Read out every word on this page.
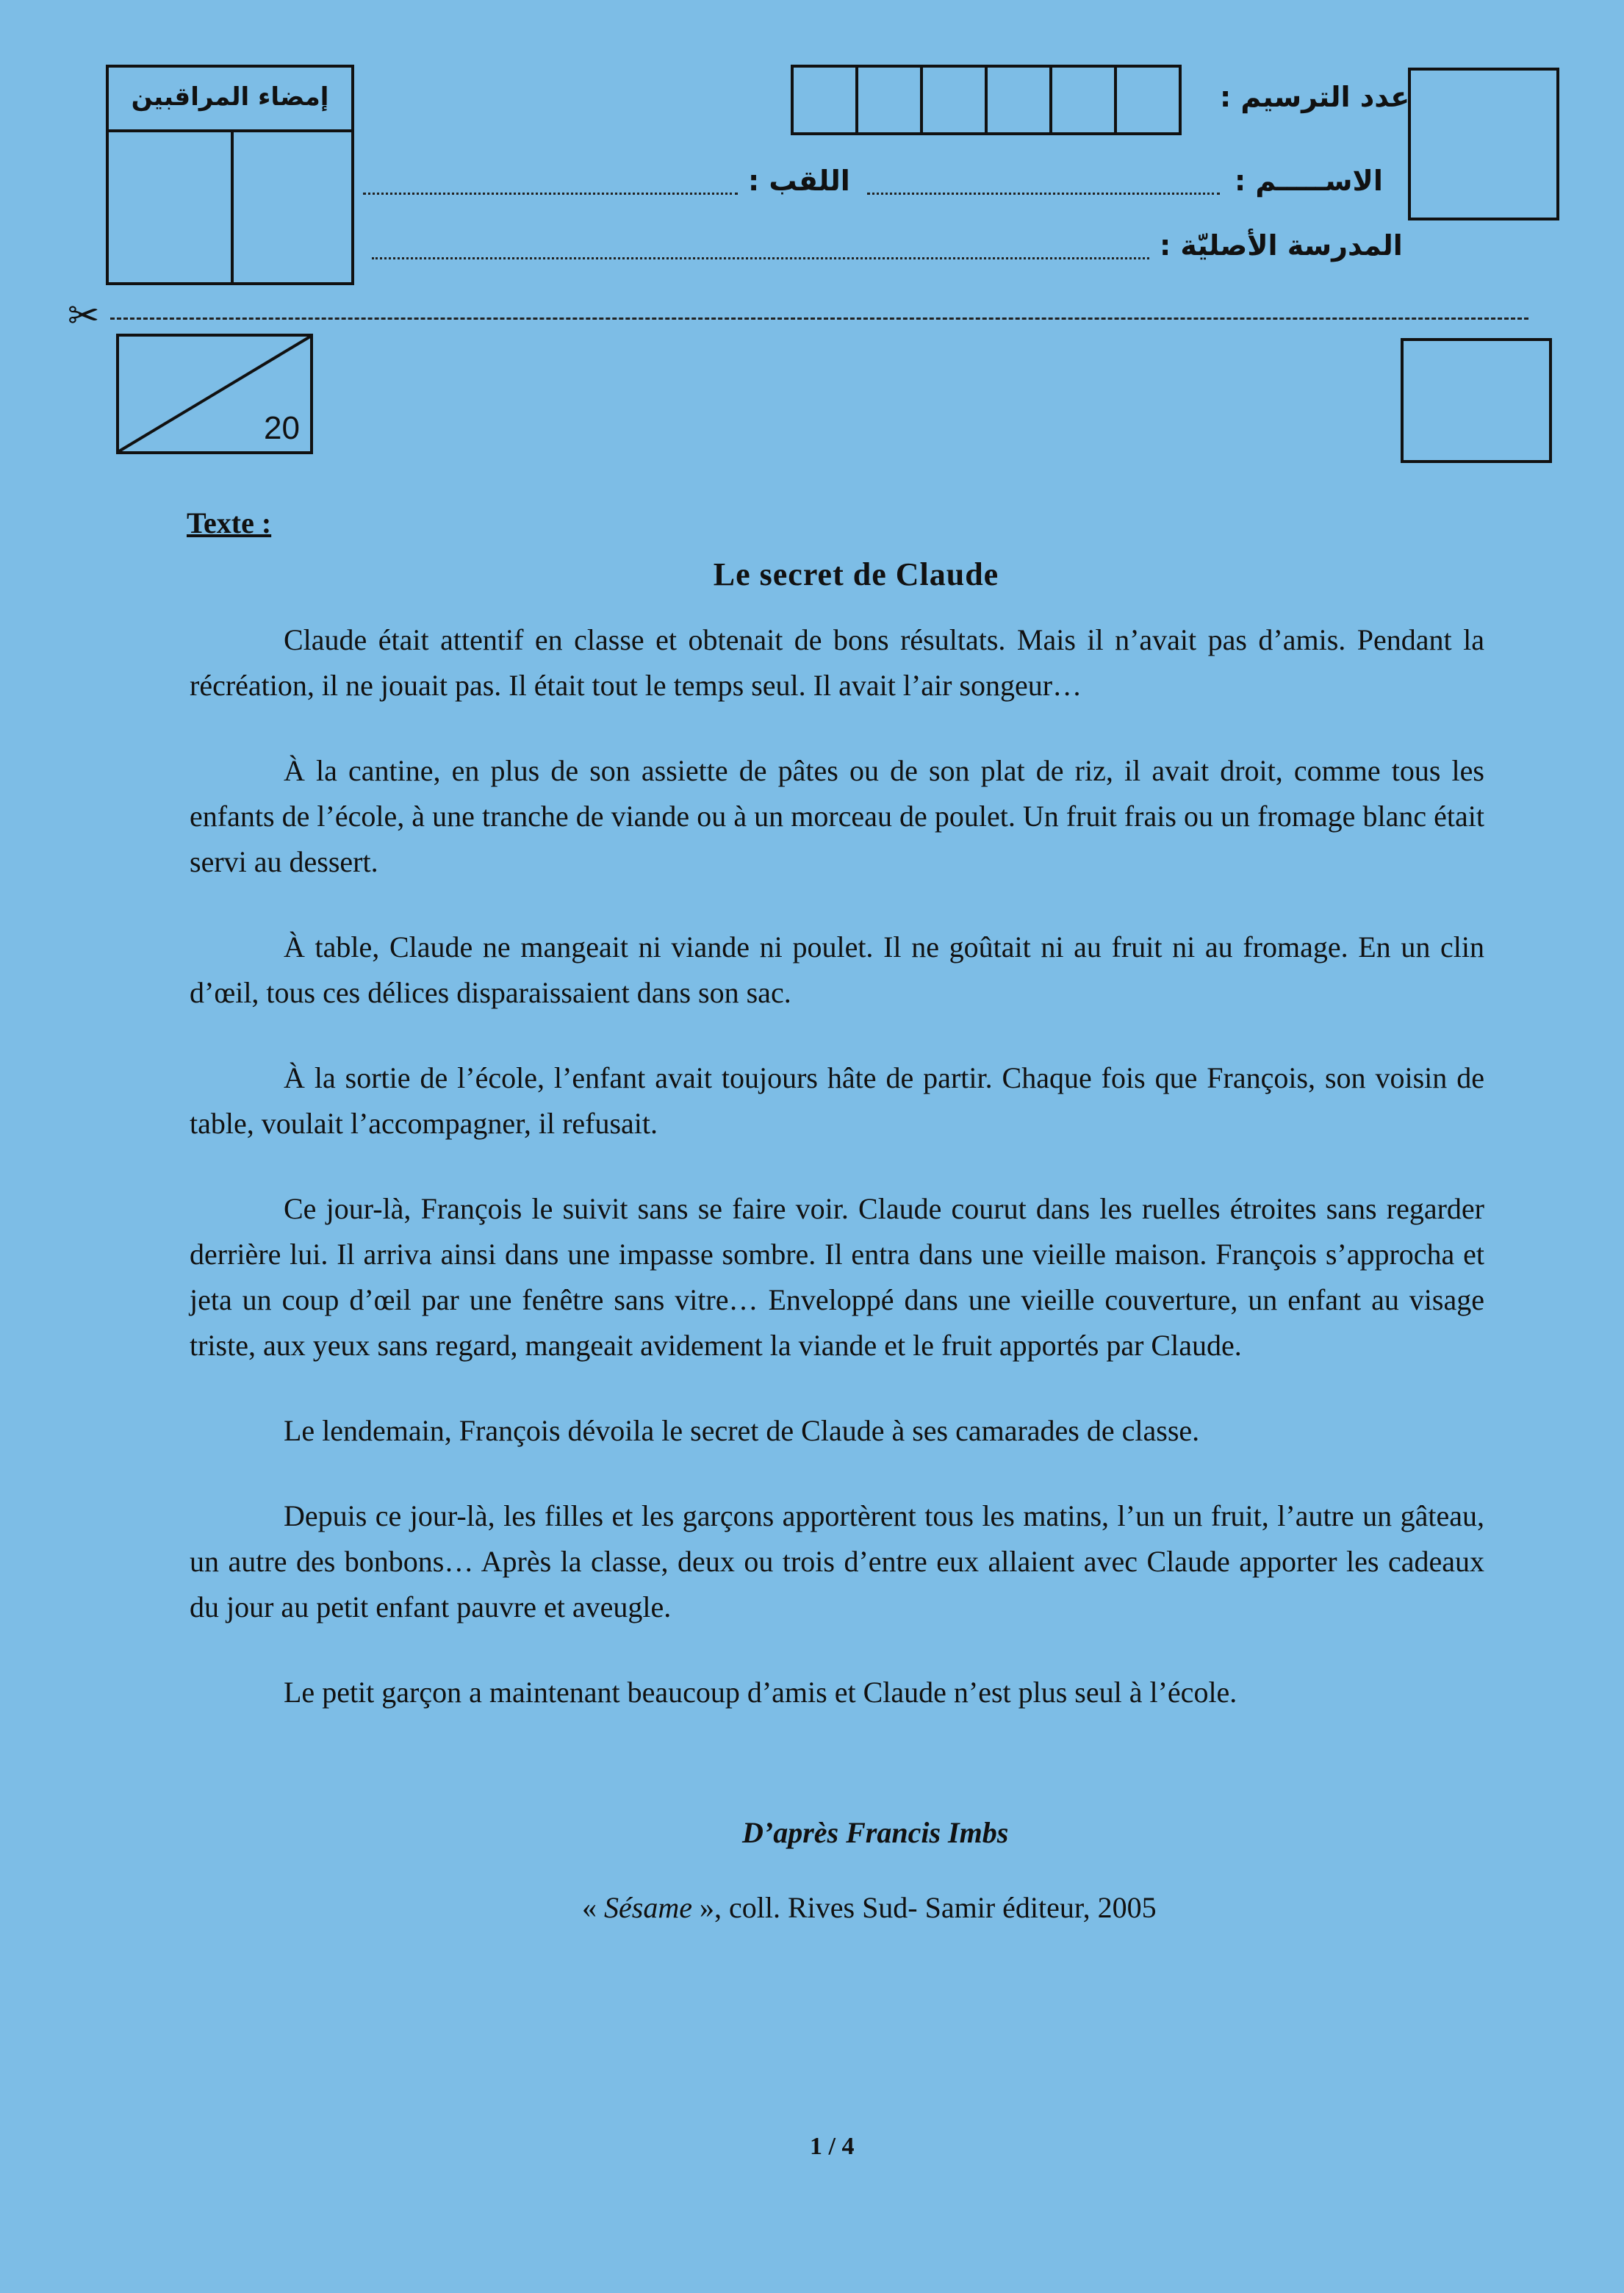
إمضاء المراقبين	عدد الترسيم :
الاســـــم :
اللقب :
المدرسة الأصليّة :
✂
20
Texte :
Le secret de Claude

Claude était attentif en classe et obtenait de bons résultats. Mais il n’avait pas d’amis. Pendant la récréation, il ne jouait pas. Il était tout le temps seul. Il avait l’air songeur…

À la cantine, en plus de son assiette de pâtes ou de son plat de riz, il avait droit, comme tous les enfants de l’école, à une tranche de viande ou à un morceau de poulet. Un fruit frais ou un fromage blanc était servi au dessert.

À table, Claude ne mangeait ni viande ni poulet. Il ne goûtait ni au fruit ni au fromage. En un clin d’œil, tous ces délices disparaissaient dans son sac.

À la sortie de l’école, l’enfant avait toujours hâte de partir. Chaque fois que François, son voisin de table, voulait l’accompagner, il refusait.

Ce jour-là, François le suivit sans se faire voir. Claude courut dans les ruelles étroites sans regarder derrière lui. Il arriva ainsi dans une impasse sombre. Il entra dans une vieille maison. François s’approcha et jeta un coup d’œil par une fenêtre sans vitre… Enveloppé dans une vieille couverture, un enfant au visage triste, aux yeux sans regard, mangeait avidement la viande et le fruit apportés par Claude.

Le lendemain, François dévoila le secret de Claude à ses camarades de classe.

Depuis ce jour-là, les filles et les garçons apportèrent tous les matins, l’un un fruit, l’autre un gâteau, un autre des bonbons… Après la classe, deux ou trois d’entre eux allaient avec Claude apporter les cadeaux du jour au petit enfant pauvre et aveugle.

Le petit garçon a maintenant beaucoup d’amis et Claude n’est plus seul à l’école.

D’après Francis Imbs
« Sésame », coll. Rives Sud- Samir éditeur, 2005
1 / 4
